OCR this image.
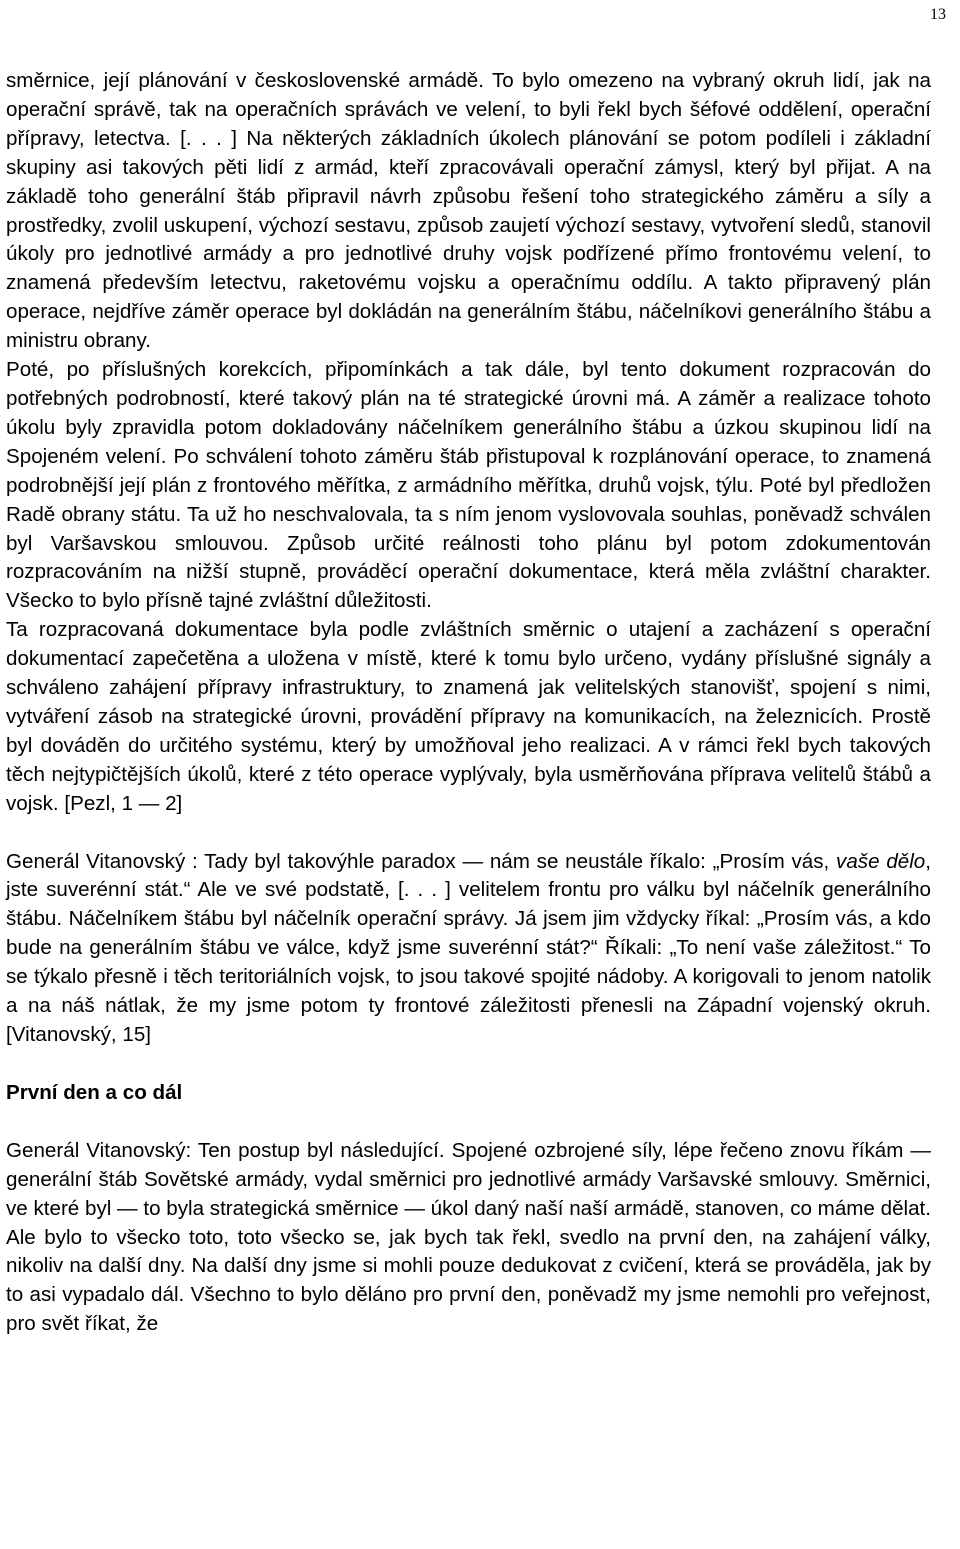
13

směrnice, její plánování v československé armádě. To bylo omezeno na vybraný okruh lidí, jak na operační správě, tak na operačních správách ve velení, to byli řekl bych šéfové oddělení, operační přípravy, letectva. [. . . ] Na některých základních úkolech plánování se potom podíleli i základní skupiny asi takových pěti lidí z armád, kteří zpracovávali operační zámysl, který byl přijat. A na základě toho generální štáb připravil návrh způsobu řešení toho strategického záměru a síly a prostředky, zvolil uskupení, výchozí sestavu, způsob zaujetí výchozí sestavy, vytvoření sledů, stanovil úkoly pro jednotlivé armády a pro jednotlivé druhy vojsk podřízené přímo frontovému velení, to znamená především letectvu, raketovému vojsku a operačnímu oddílu. A takto připravený plán operace, nejdříve záměr operace byl dokládán na generálním štábu, náčelníkovi generálního štábu a ministru obrany.

Poté, po příslušných korekcích, připomínkách a tak dále, byl tento dokument rozpracován do potřebných podrobností, které takový plán na té strategické úrovni má. A záměr a realizace tohoto úkolu byly zpravidla potom dokladovány náčelníkem generálního štábu a úzkou skupinou lidí na Spojeném velení. Po schválení tohoto záměru štáb přistupoval k rozplánování operace, to znamená podrobnější její plán z frontového měřítka, z armádního měřítka, druhů vojsk, týlu. Poté byl předložen Radě obrany státu. Ta už ho neschvalovala, ta s ním jenom vyslovovala souhlas, poněvadž schválen byl Varšavskou smlouvou. Způsob určité reálnosti toho plánu byl potom zdokumentován rozpracováním na nižší stupně, prováděcí operační dokumentace, která měla zvláštní charakter. Všecko to bylo přísně tajné zvláštní důležitosti.

Ta rozpracovaná dokumentace byla podle zvláštních směrnic o utajení a zacházení s operační dokumentací zapečetěna a uložena v místě, které k tomu bylo určeno, vydány příslušné signály a schváleno zahájení přípravy infrastruktury, to znamená jak velitelských stanovišť, spojení s nimi, vytváření zásob na strategické úrovni, provádění přípravy na komunikacích, na železnicích. Prostě byl dováděn do určitého systému, který by umožňoval jeho realizaci. A v rámci řekl bych takových těch nejtypičtějších úkolů, které z této operace vyplývaly, byla usměrňována příprava velitelů štábů a vojsk. [Pezl, 1 — 2]

Generál Vitanovský : Tady byl takovýhle paradox — nám se neustále říkalo: „Prosím vás, vaše dělo, jste suverénní stát.“ Ale ve své podstatě, [. . . ] velitelem frontu pro válku byl náčelník generálního štábu. Náčelníkem štábu byl náčelník operační správy. Já jsem jim vždycky říkal: „Prosím vás, a kdo bude na generálním štábu ve válce, když jsme suverénní stát?“ Říkali: „To není vaše záležitost.“ To se týkalo přesně i těch teritoriálních vojsk, to jsou takové spojité nádoby. A korigovali to jenom natolik a na náš nátlak, že my jsme potom ty frontové záležitosti přenesli na Západní vojenský okruh. [Vitanovský, 15]

První den a co dál

Generál Vitanovský: Ten postup byl následující. Spojené ozbrojené síly, lépe řečeno znovu říkám — generální štáb Sovětské armády, vydal směrnici pro jednotlivé armády Varšavské smlouvy. Směrnici, ve které byl — to byla strategická směrnice — úkol daný naší naší armádě, stanoven, co máme dělat. Ale bylo to všecko toto, toto všecko se, jak bych tak řekl, svedlo na první den, na zahájení války, nikoliv na další dny. Na další dny jsme si mohli pouze dedukovat z cvičení, která se prováděla, jak by to asi vypadalo dál. Všechno to bylo děláno pro první den, poněvadž my jsme nemohli pro veřejnost, pro svět říkat, že
